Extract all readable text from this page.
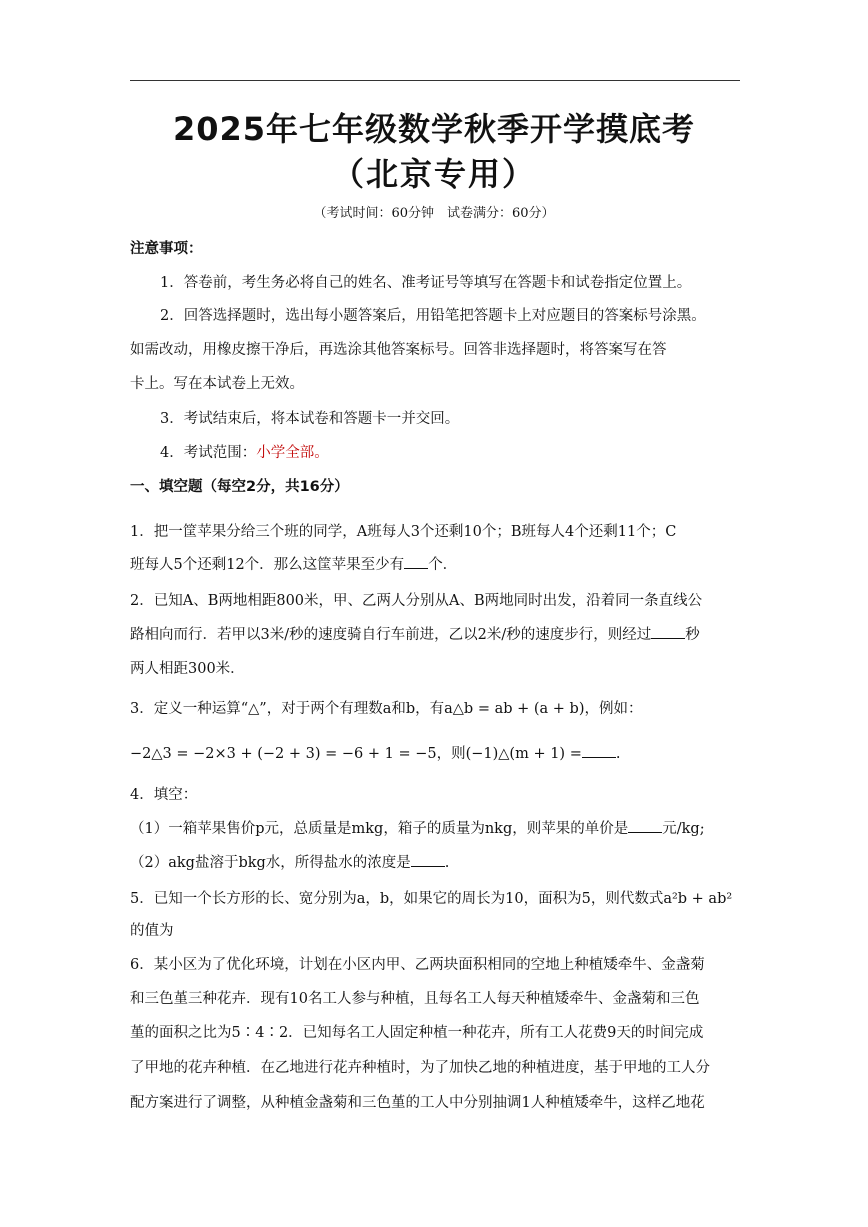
2025年七年级数学秋季开学摸底考
（北京专用）
（考试时间：60分钟　试卷满分：60分）
注意事项：
1．答卷前，考生务必将自己的姓名、准考证号等填写在答题卡和试卷指定位置上。
2．回答选择题时，选出每小题答案后，用铅笔把答题卡上对应题目的答案标号涂黑。
如需改动，用橡皮擦干净后，再选涂其他答案标号。回答非选择题时，将答案写在答
卡上。写在本试卷上无效。
3．考试结束后，将本试卷和答题卡一并交回。
4．考试范围：小学全部。
一、填空题（每空2分，共16分）
1．把一筐苹果分给三个班的同学，A班每人3个还剩10个；B班每人4个还剩11个；C
班每人5个还剩12个．那么这筐苹果至少有 个．
2．已知A、B两地相距800米，甲、乙两人分别从A、B两地同时出发，沿着同一条直线公
路相向而行．若甲以3米/秒的速度骑自行车前进，乙以2米/秒的速度步行，则经过 秒
两人相距300米．
3．定义一种运算“△”，对于两个有理数a和b，有a△b = ab + (a + b)，例如：
−2△3 = −2×3 + (−2 + 3) = −6 + 1 = −5，则(−1)△(m + 1) = .
4．填空：
（1）一箱苹果售价p元，总质量是mkg，箱子的质量为nkg，则苹果的单价是 元/kg;
（2）akg盐溶于bkg水，所得盐水的浓度是 .
5．已知一个长方形的长、宽分别为a，b，如果它的周长为10，面积为5，则代数式a²b + ab²
的值为
6．某小区为了优化环境，计划在小区内甲、乙两块面积相同的空地上种植矮牵牛、金盏菊
和三色堇三种花卉．现有10名工人参与种植，且每名工人每天种植矮牵牛、金盏菊和三色
堇的面积之比为5∶4∶2．已知每名工人固定种植一种花卉，所有工人花费9天的时间完成
了甲地的花卉种植．在乙地进行花卉种植时，为了加快乙地的种植进度，基于甲地的工人分
配方案进行了调整，从种植金盏菊和三色堇的工人中分别抽调1人种植矮牵牛，这样乙地花
